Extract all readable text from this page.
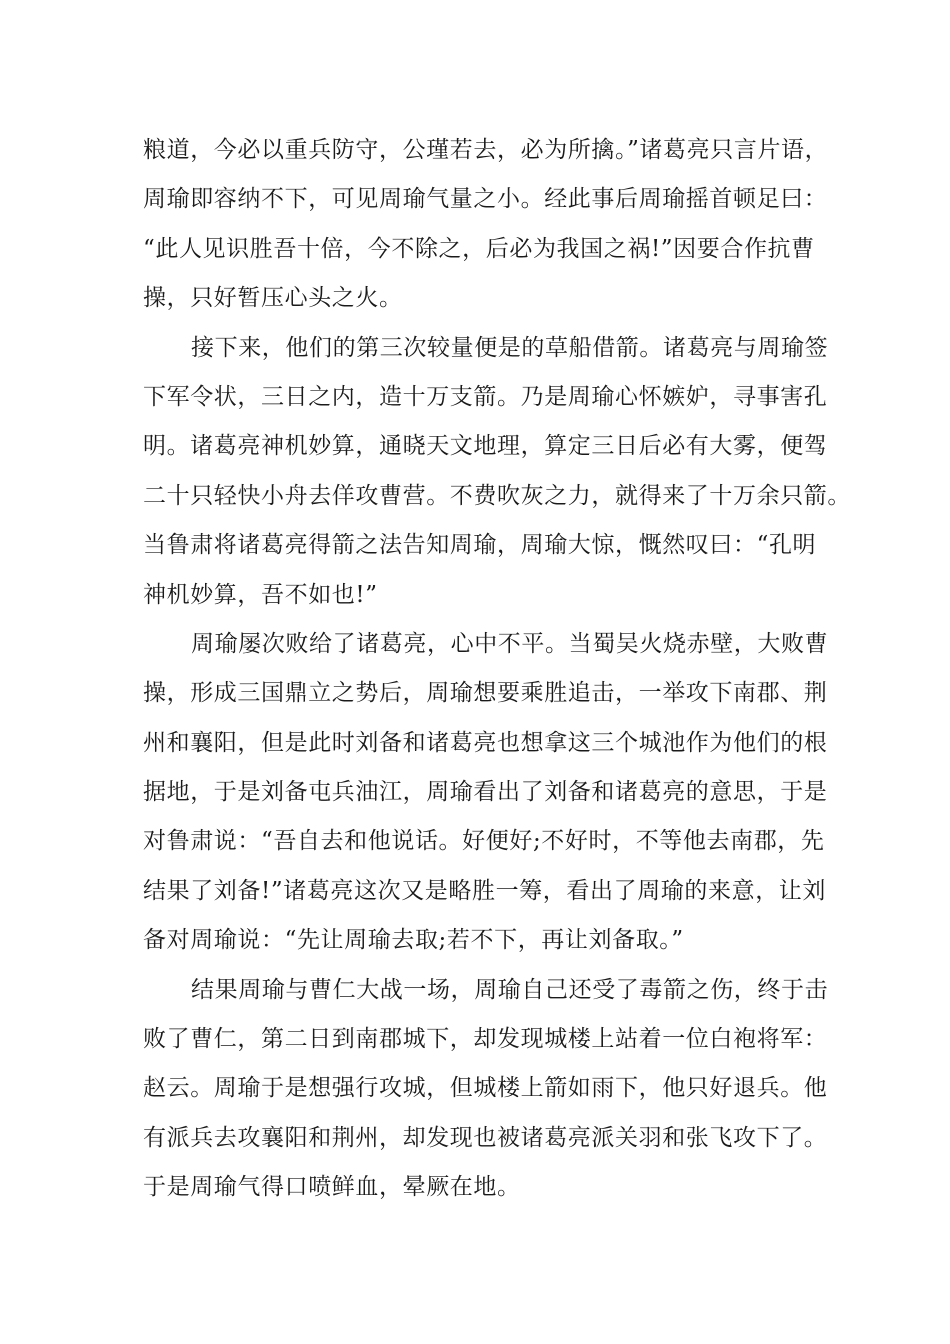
粮道，今必以重兵防守，公瑾若去，必为所擒。”诸葛亮只言片语，
周瑜即容纳不下，可见周瑜气量之小。经此事后周瑜摇首顿足曰：
“此人见识胜吾十倍，今不除之，后必为我国之祸!”因要合作抗曹
操，只好暂压心头之火。
接下来，他们的第三次较量便是的草船借箭。诸葛亮与周瑜签
下军令状，三日之内，造十万支箭。乃是周瑜心怀嫉妒，寻事害孔
明。诸葛亮神机妙算，通晓天文地理，算定三日后必有大雾，便驾
二十只轻快小舟去佯攻曹营。不费吹灰之力，就得来了十万余只箭。
当鲁肃将诸葛亮得箭之法告知周瑜，周瑜大惊，慨然叹曰：“孔明
神机妙算，吾不如也!”
周瑜屡次败给了诸葛亮，心中不平。当蜀吴火烧赤壁，大败曹
操，形成三国鼎立之势后，周瑜想要乘胜追击，一举攻下南郡、荆
州和襄阳，但是此时刘备和诸葛亮也想拿这三个城池作为他们的根
据地，于是刘备屯兵油江，周瑜看出了刘备和诸葛亮的意思，于是
对鲁肃说：“吾自去和他说话。好便好;不好时，不等他去南郡，先
结果了刘备!”诸葛亮这次又是略胜一筹，看出了周瑜的来意，让刘
备对周瑜说：“先让周瑜去取;若不下，再让刘备取。”
结果周瑜与曹仁大战一场，周瑜自己还受了毒箭之伤，终于击
败了曹仁，第二日到南郡城下，却发现城楼上站着一位白袍将军：
赵云。周瑜于是想强行攻城，但城楼上箭如雨下，他只好退兵。他
有派兵去攻襄阳和荆州，却发现也被诸葛亮派关羽和张飞攻下了。
于是周瑜气得口喷鲜血，晕厥在地。
